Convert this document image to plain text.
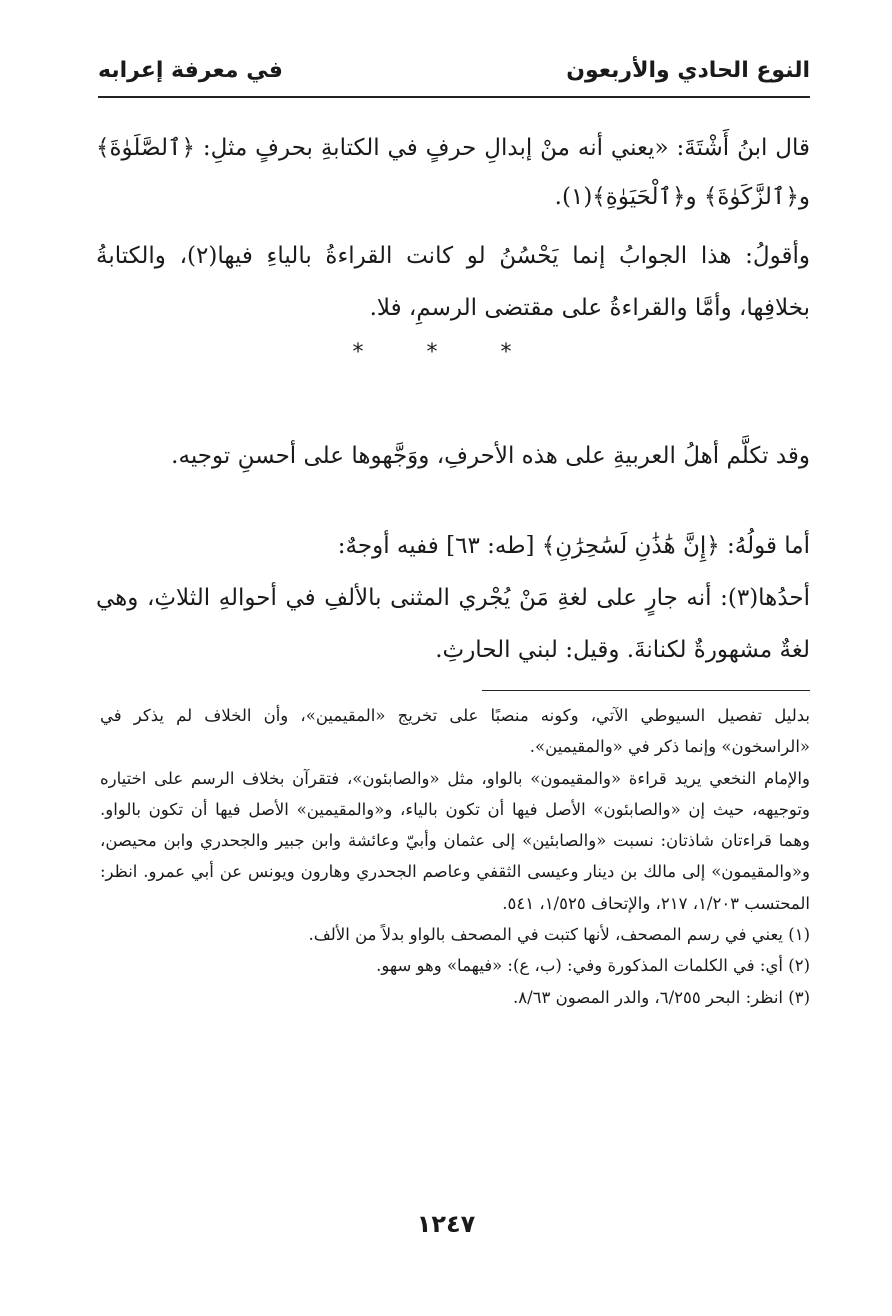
النوع الحادي والأربعون
في معرفة إعرابه

قال ابنُ أَشْتَةَ: «يعني أنه منْ إبدالِ حرفٍ في الكتابةِ بحرفٍ مثلِ: ﴿ٱلصَّلَوٰةَ﴾ و﴿ٱلزَّكَوٰةَ﴾ و﴿ٱلْحَيَوٰةِ﴾(١).

وأقولُ: هذا الجوابُ إنما يَحْسُنُ لو كانت القراءةُ بالياءِ فيها(٢)، والكتابةُ بخلافِها، وأمَّا والقراءةُ على مقتضى الرسمِ، فلا.

* * *

وقد تكلَّم أهلُ العربيةِ على هذه الأحرفِ، ووَجَّهوها على أحسنِ توجيه.

أما قولُهُ: ﴿إِنَّ هَٰذَٰنِ لَسَٰحِرَٰنِ﴾ [طه: ٦٣] ففيه أوجهٌ:

أحدُها(٣): أنه جارٍ على لغةِ مَنْ يُجْري المثنى بالألفِ في أحوالهِ الثلاثِ، وهي لغةٌ مشهورةٌ لكنانةَ. وقيل: لبني الحارثِ.

بدليل تفصيل السيوطي الآتي، وكونه منصبًا على تخريج «المقيمين»، وأن الخلاف لم يذكر في «الراسخون» وإنما ذكر في «والمقيمين».

والإمام النخعي يريد قراءة «والمقيمون» بالواو، مثل «والصابئون»، فتقرآن بخلاف الرسم على اختياره وتوجيهه، حيث إن «والصابئون» الأصل فيها أن تكون بالياء، و«والمقيمين» الأصل فيها أن تكون بالواو. وهما قراءتان شاذتان: نسبت «والصابئين» إلى عثمان وأبيّ وعائشة وابن جبير والجحدري وابن محيصن، و«والمقيمون» إلى مالك بن دينار وعيسى الثقفي وعاصم الجحدري وهارون ويونس عن أبي عمرو. انظر: المحتسب ١/٢٠٣، ٢١٧، والإتحاف ١/٥٢٥، ٥٤١.

(١) يعني في رسم المصحف، لأنها كتبت في المصحف بالواو بدلاً من الألف.

(٢) أي: في الكلمات المذكورة وفي: (ب، ع): «فيهما» وهو سهو.

(٣) انظر: البحر ٦/٢٥٥، والدر المصون ٨/٦٣.

١٢٤٧
